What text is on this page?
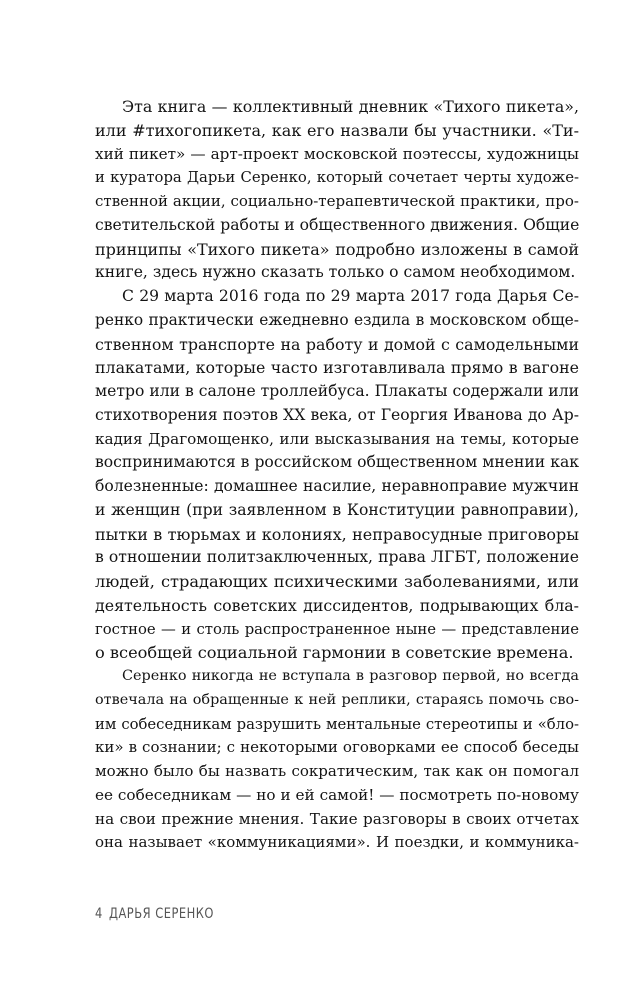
Эта книга — коллективный дневник «Тихого пикета»,
или #тихогопикета, как его назвали бы участники. «Ти-
хий пикет» — арт-проект московской поэтессы, художницы
и куратора Дарьи Серенко, который сочетает черты художе-
ственной акции, социально-терапевтической практики, про-
светительской работы и общественного движения. Общие
принципы «Тихого пикета» подробно изложены в самой
книге, здесь нужно сказать только о самом необходимом.
С 29 марта 2016 года по 29 марта 2017 года Дарья Се-
ренко практически ежедневно ездила в московском обще-
ственном транспорте на работу и домой с самодельными
плакатами, которые часто изготавливала прямо в вагоне
метро или в салоне троллейбуса. Плакаты содержали или
стихотворения поэтов XX века, от Георгия Иванова до Ар-
кадия Драгомощенко, или высказывания на темы, которые
воспринимаются в российском общественном мнении как
болезненные: домашнее насилие, неравноправие мужчин
и женщин (при заявленном в Конституции равноправии),
пытки в тюрьмах и колониях, неправосудные приговоры
в отношении политзаключенных, права ЛГБТ, положение
людей, страдающих психическими заболеваниями, или
деятельность советских диссидентов, подрывающих бла-
гостное — и столь распространенное ныне — представление
о всеобщей социальной гармонии в советские времена.
Серенко никогда не вступала в разговор первой, но всегда
отвечала на обращенные к ней реплики, стараясь помочь сво-
им собеседникам разрушить ментальные стереотипы и «бло-
ки» в сознании; с некоторыми оговорками ее способ беседы
можно было бы назвать сократическим, так как он помогал
ее собеседникам — но и ей самой! — посмотреть по-новому
на свои прежние мнения. Такие разговоры в своих отчетах
она называет «коммуникациями». И поездки, и коммуника-
4 ДАРЬЯ СЕРЕНКО
